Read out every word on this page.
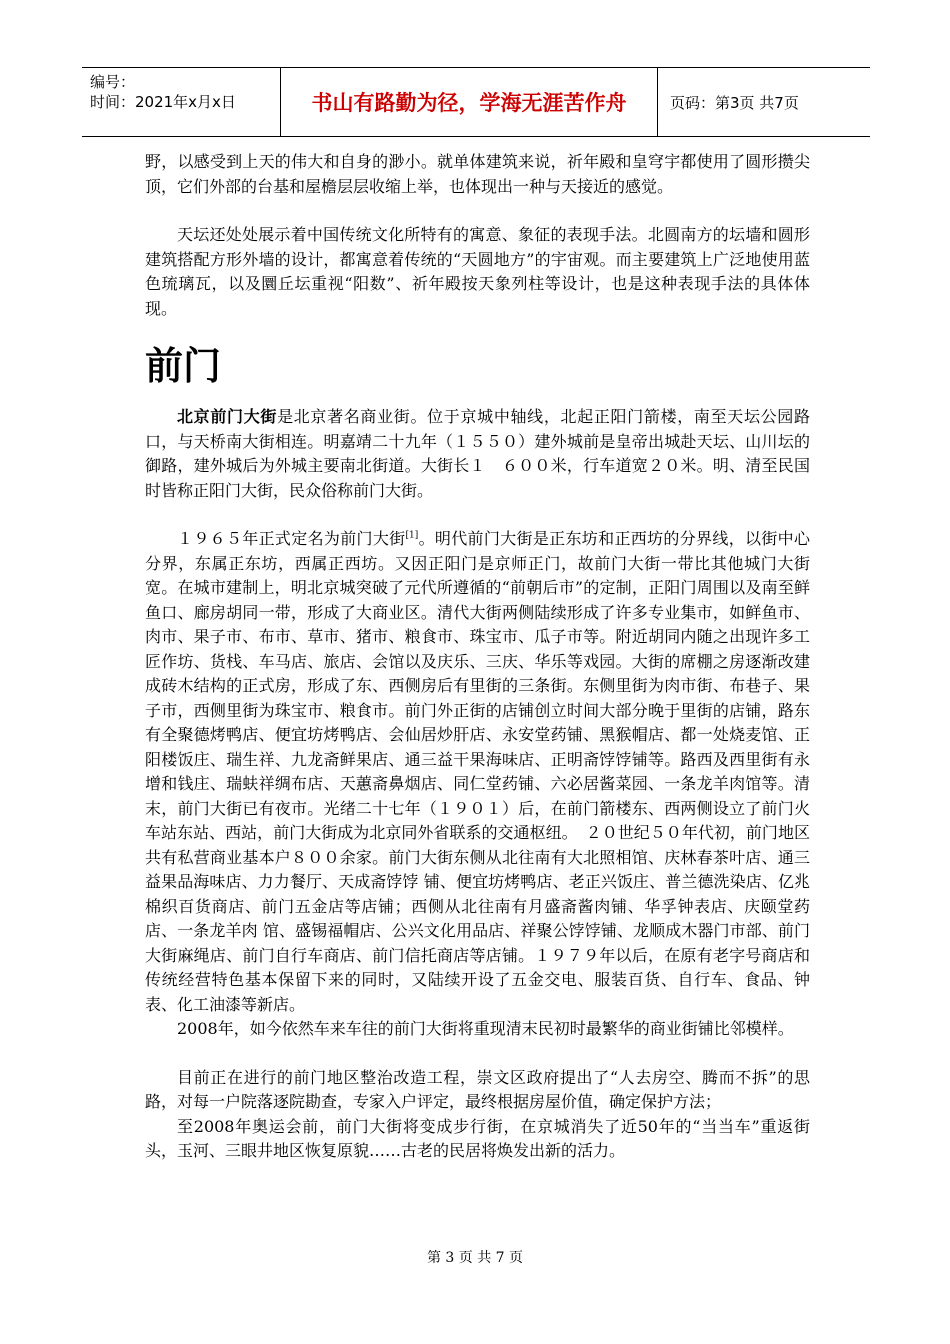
编号：
时间：2021年x月x日	书山有路勤为径，学海无涯苦作舟	页码：第3页 共7页

野，以感受到上天的伟大和自身的渺小。就单体建筑来说，祈年殿和皇穹宇都使用了圆形攒尖顶，它们外部的台基和屋檐层层收缩上举，也体现出一种与天接近的感觉。

天坛还处处展示着中国传统文化所特有的寓意、象征的表现手法。北圆南方的坛墙和圆形建筑搭配方形外墙的设计，都寓意着传统的“天圆地方”的宇宙观。而主要建筑上广泛地使用蓝色琉璃瓦，以及圜丘坛重视“阳数”、祈年殿按天象列柱等设计，也是这种表现手法的具体体现。

前门

北京前门大街是北京著名商业街。位于京城中轴线，北起正阳门箭楼，南至天坛公园路口，与天桥南大街相连。明嘉靖二十九年（１５５０）建外城前是皇帝出城赴天坛、山川坛的御路，建外城后为外城主要南北街道。大街长１　６００米，行车道宽２０米。明、清至民国时皆称正阳门大街，民众俗称前门大街。

１９６５年正式定名为前门大街[1]。明代前门大街是正东坊和正西坊的分界线，以街中心分界，东属正东坊，西属正西坊。又因正阳门是京师正门，故前门大街一带比其他城门大街宽。在城市建制上，明北京城突破了元代所遵循的“前朝后市”的定制，正阳门周围以及南至鲜鱼口、廊房胡同一带，形成了大商业区。清代大街两侧陆续形成了许多专业集市，如鲜鱼市、肉市、果子市、布市、草市、猪市、粮食市、珠宝市、瓜子市等。附近胡同内随之出现许多工匠作坊、货栈、车马店、旅店、会馆以及庆乐、三庆、华乐等戏园。大街的席棚之房逐渐改建成砖木结构的正式房，形成了东、西侧房后有里街的三条街。东侧里街为肉市街、布巷子、果子市，西侧里街为珠宝市、粮食市。前门外正街的店铺创立时间大部分晚于里街的店铺，路东有全聚德烤鸭店、便宜坊烤鸭店、会仙居炒肝店、永安堂药铺、黑猴帽店、都一处烧麦馆、正阳楼饭庄、瑞生祥、九龙斋鲜果店、通三益干果海味店、正明斋饽饽铺等。路西及西里街有永增和钱庄、瑞蚨祥绸布店、天蕙斋鼻烟店、同仁堂药铺、六必居酱菜园、一条龙羊肉馆等。清末，前门大街已有夜市。光绪二十七年（１９０１）后，在前门箭楼东、西两侧设立了前门火车站东站、西站，前门大街成为北京同外省联系的交通枢纽。　２０世纪５０年代初，前门地区共有私营商业基本户８００余家。前门大街东侧从北往南有大北照相馆、庆林春茶叶店、通三益果品海味店、力力餐厅、天成斋饽饽 铺、便宜坊烤鸭店、老正兴饭庄、普兰德洗染店、亿兆棉织百货商店、前门五金店等店铺；西侧从北往南有月盛斋酱肉铺、华孚钟表店、庆颐堂药店、一条龙羊肉 馆、盛锡福帽店、公兴文化用品店、祥聚公饽饽铺、龙顺成木器门市部、前门大街麻绳店、前门自行车商店、前门信托商店等店铺。１９７９年以后，在原有老字号商店和传统经营特色基本保留下来的同时，又陆续开设了五金交电、服装百货、自行车、食品、钟表、化工油漆等新店。

2008年，如今依然车来车往的前门大街将重现清末民初时最繁华的商业街铺比邻模样。

目前正在进行的前门地区整治改造工程，崇文区政府提出了“人去房空、腾而不拆”的思路，对每一户院落逐院勘查，专家入户评定，最终根据房屋价值，确定保护方法；

至2008年奥运会前，前门大街将变成步行街，在京城消失了近50年的“当当车”重返街头，玉河、三眼井地区恢复原貌……古老的民居将焕发出新的活力。

第 3 页 共 7 页
